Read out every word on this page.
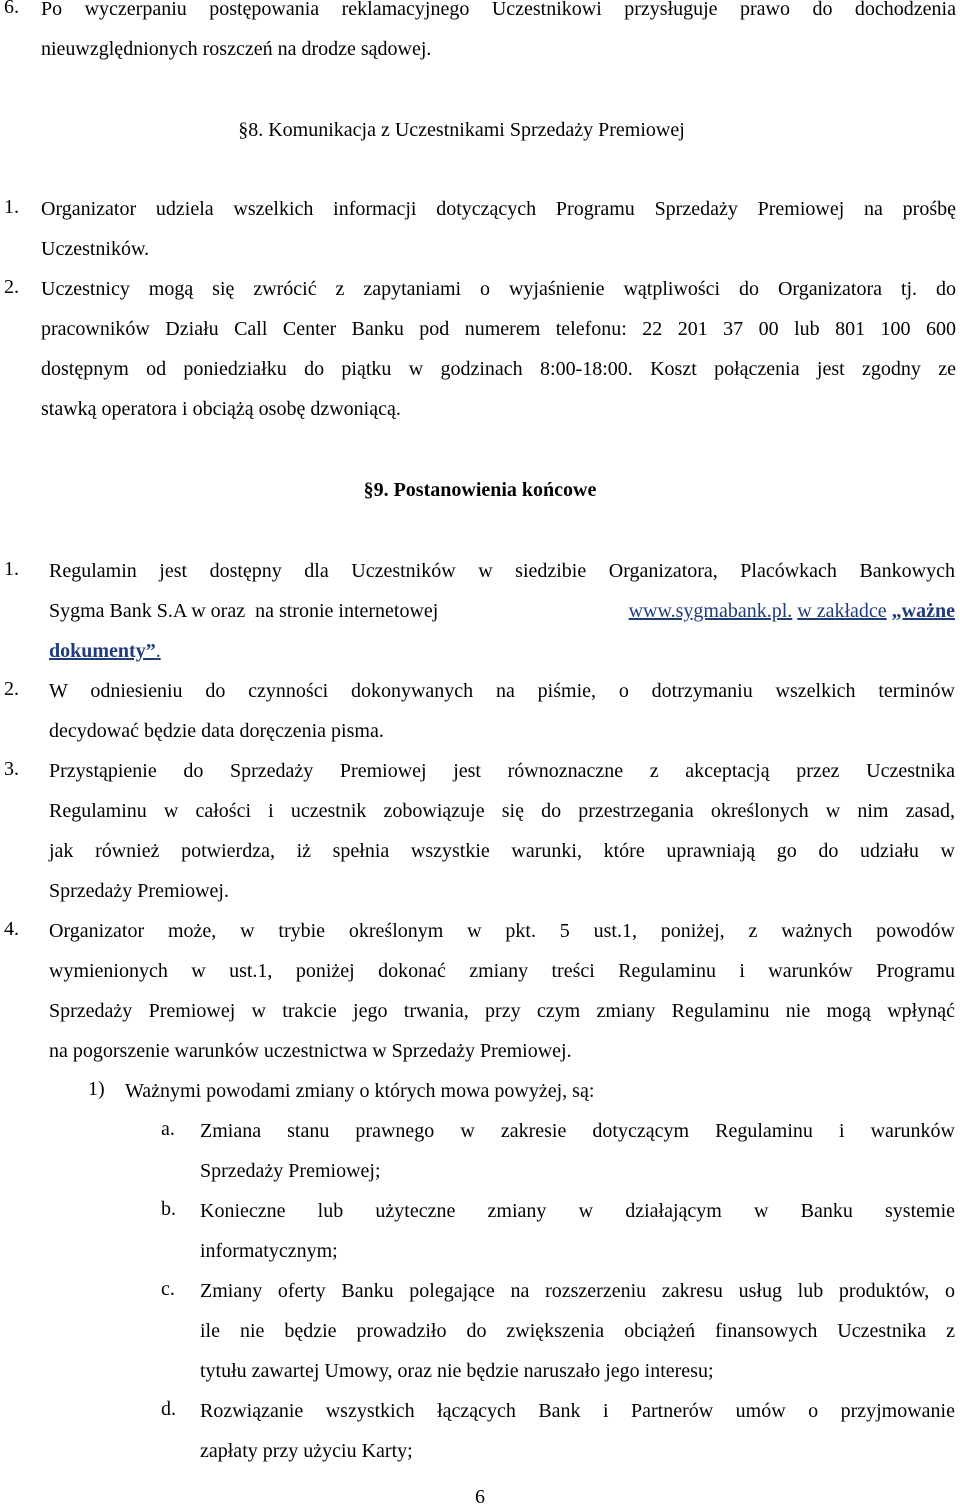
6. Po wyczerpaniu postępowania reklamacyjnego Uczestnikowi przysługuje prawo do dochodzenia
nieuwzględnionych roszczeń na drodze sądowej.
§8. Komunikacja z Uczestnikami Sprzedaży Premiowej
1. Organizator udziela wszelkich informacji dotyczących Programu Sprzedaży Premiowej na prośbę
Uczestników.
2. Uczestnicy mogą się zwrócić z zapytaniami o wyjaśnienie wątpliwości do Organizatora tj. do
pracowników Działu Call Center Banku pod numerem telefonu: 22 201 37 00 lub 801 100 600
dostępnym od poniedziałku do piątku w godzinach 8:00-18:00. Koszt połączenia jest zgodny ze
stawką operatora i obciążą osobę dzwoniącą.
§9. Postanowienia końcowe
1. Regulamin jest dostępny dla Uczestników w siedzibie Organizatora, Placówkach Bankowych
Sygma Bank S.A w oraz  na stronie internetowej	www.sygmabank.pl. w zakładce „ważne
dokumenty”.
2. W odniesieniu do czynności dokonywanych na piśmie, o dotrzymaniu wszelkich terminów
decydować będzie data doręczenia pisma.
3. Przystąpienie do Sprzedaży Premiowej jest równoznaczne z akceptacją przez Uczestnika
Regulaminu w całości i uczestnik zobowiązuje się do przestrzegania określonych w nim zasad,
jak również potwierdza, iż spełnia wszystkie warunki, które uprawniają go do udziału w
Sprzedaży Premiowej.
4. Organizator może, w trybie określonym w pkt. 5 ust.1, poniżej, z ważnych powodów
wymienionych w ust.1, poniżej dokonać zmiany treści Regulaminu i warunków Programu
Sprzedaży Premiowej w trakcie jego trwania, przy czym zmiany Regulaminu nie mogą wpłynąć
na pogorszenie warunków uczestnictwa w Sprzedaży Premiowej.
1) Ważnymi powodami zmiany o których mowa powyżej, są:
a. Zmiana stanu prawnego w zakresie dotyczącym Regulaminu i warunków
Sprzedaży Premiowej;
b. Konieczne lub użyteczne zmiany w działającym w Banku systemie
informatycznym;
c. Zmiany oferty Banku polegające na rozszerzeniu zakresu usług lub produktów, o
ile nie będzie prowadziło do zwiększenia obciążeń finansowych Uczestnika z
tytułu zawartej Umowy, oraz nie będzie naruszało jego interesu;
d. Rozwiązanie wszystkich łączących Bank i Partnerów umów o przyjmowanie
zapłaty przy użyciu Karty;
6
